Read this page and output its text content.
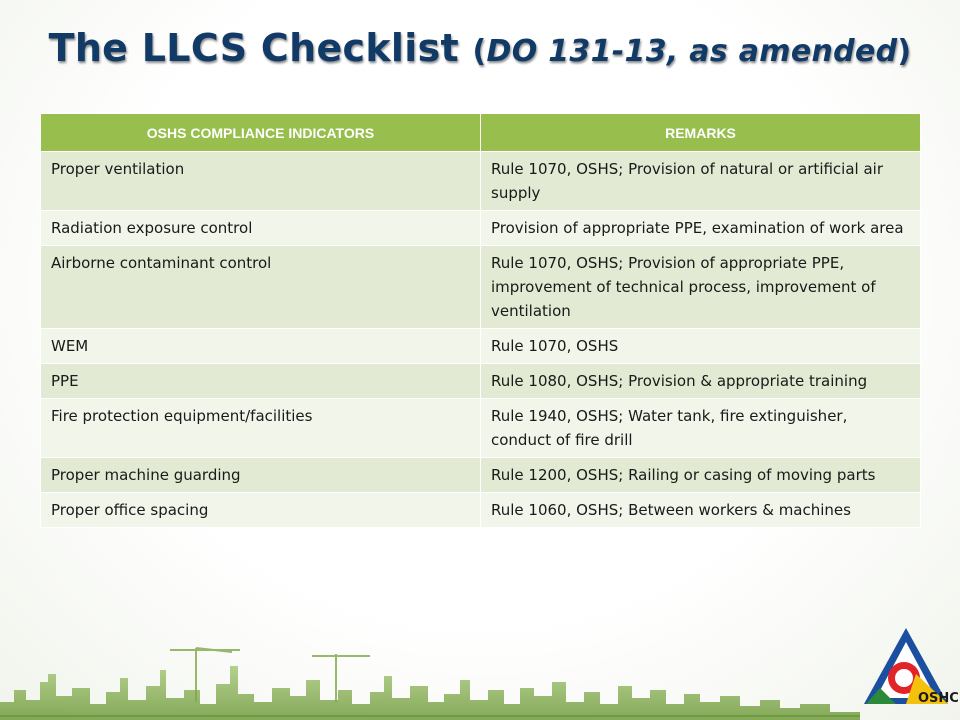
The LLCS Checklist (DO 131-13, as amended)
OSHS COMPLIANCE INDICATORS	REMARKS
Proper ventilation	Rule 1070, OSHS; Provision of natural or artificial air supply
Radiation exposure control	Provision of appropriate PPE, examination of work area
Airborne contaminant control	Rule 1070, OSHS; Provision of appropriate PPE, improvement of technical process, improvement of ventilation
WEM	Rule 1070, OSHS
PPE	Rule 1080, OSHS; Provision & appropriate training
Fire protection equipment/facilities	Rule 1940, OSHS; Water tank, fire extinguisher, conduct of fire drill
Proper machine guarding	Rule 1200, OSHS; Railing or casing of moving parts
Proper office spacing	Rule 1060, OSHS; Between workers & machines
OSHC
